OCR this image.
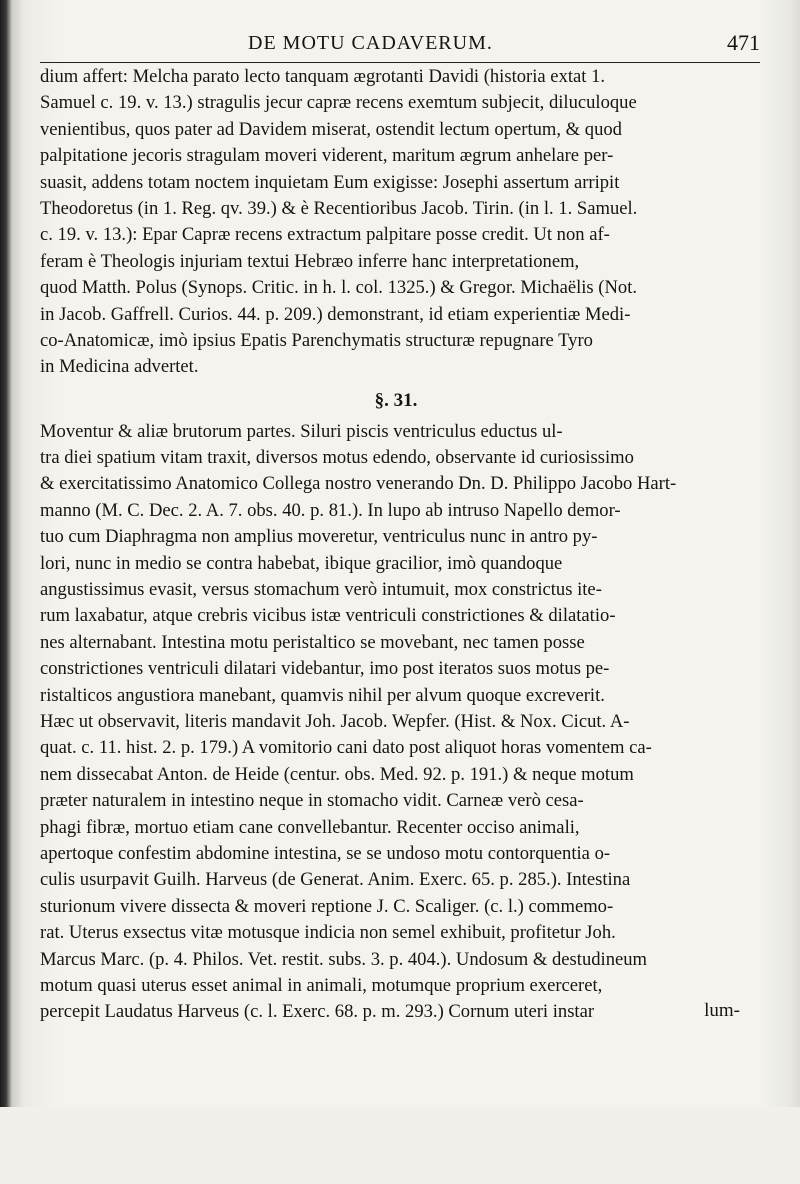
DE MOTU CADAVERUM.	471
dium affert: Melcha parato lecto tanquam ægrotanti Davidi (historia extat 1.
Samuel c. 19. v. 13.) stragulis jecur capræ recens exemtum subjecit, diluculoque
venientibus, quos pater ad Davidem miserat, ostendit lectum opertum, & quod
palpitatione jecoris stragulam moveri viderent, maritum ægrum anhelare per-
suasit, addens totam noctem inquietam Eum exigisse: Josephi assertum arripit
Theodoretus (in 1. Reg. qv. 39.) & è Recentioribus Jacob. Tirin. (in l. 1. Samuel.
c. 19. v. 13.): Epar Capræ recens extractum palpitare posse credit. Ut non af-
feram è Theologis injuriam textui Hebræo inferre hanc interpretationem,
quod Matth. Polus (Synops. Critic. in h. l. col. 1325.) & Gregor. Michaëlis (Not.
in Jacob. Gaffrell. Curios. 44. p. 209.) demonstrant, id etiam experientiæ Medi-
co-Anatomicæ, imò ipsius Epatis Parenchymatis structuræ repugnare Tyro
in Medicina advertet.
§. 31.
Moventur & aliæ brutorum partes. Siluri piscis ventriculus eductus ul-
tra diei spatium vitam traxit, diversos motus edendo, observante id curiosissimo
& exercitatissimo Anatomico Collega nostro venerando Dn. D. Philippo Jacobo Hart-
manno (M. C. Dec. 2. A. 7. obs. 40. p. 81.). In lupo ab intruso Napello demor-
tuo cum Diaphragma non amplius moveretur, ventriculus nunc in antro py-
lori, nunc in medio se contra habebat, ibique gracilior, imò quandoque
angustissimus evasit, versus stomachum verò intumuit, mox constrictus ite-
rum laxabatur, atque crebris vicibus istæ ventriculi constrictiones & dilatatio-
nes alternabant. Intestina motu peristaltico se movebant, nec tamen posse
constrictiones ventriculi dilatari videbantur, imo post iteratos suos motus pe-
ristalticos angustiora manebant, quamvis nihil per alvum quoque excreverit.
Hæc ut observavit, literis mandavit Joh. Jacob. Wepfer. (Hist. & Nox. Cicut. A-
quat. c. 11. hist. 2. p. 179.) A vomitorio cani dato post aliquot horas vomentem ca-
nem dissecabat Anton. de Heide (centur. obs. Med. 92. p. 191.) & neque motum
præter naturalem in intestino neque in stomacho vidit. Carneæ verò cesa-
phagi fibræ, mortuo etiam cane convellebantur. Recenter occiso animali,
apertoque confestim abdomine intestina, se se undoso motu contorquentia o-
culis usurpavit Guilh. Harveus (de Generat. Anim. Exerc. 65. p. 285.). Intestina
sturionum vivere dissecta & moveri reptione J. C. Scaliger. (c. l.) commemo-
rat. Uterus exsectus vitæ motusque indicia non semel exhibuit, profitetur Joh.
Marcus Marc. (p. 4. Philos. Vet. restit. subs. 3. p. 404.). Undosum & destudineum
motum quasi uterus esset animal in animali, motumque proprium exerceret,
percepit Laudatus Harveus (c. l. Exerc. 68. p. m. 293.) Cornum uteri instar	lum-
